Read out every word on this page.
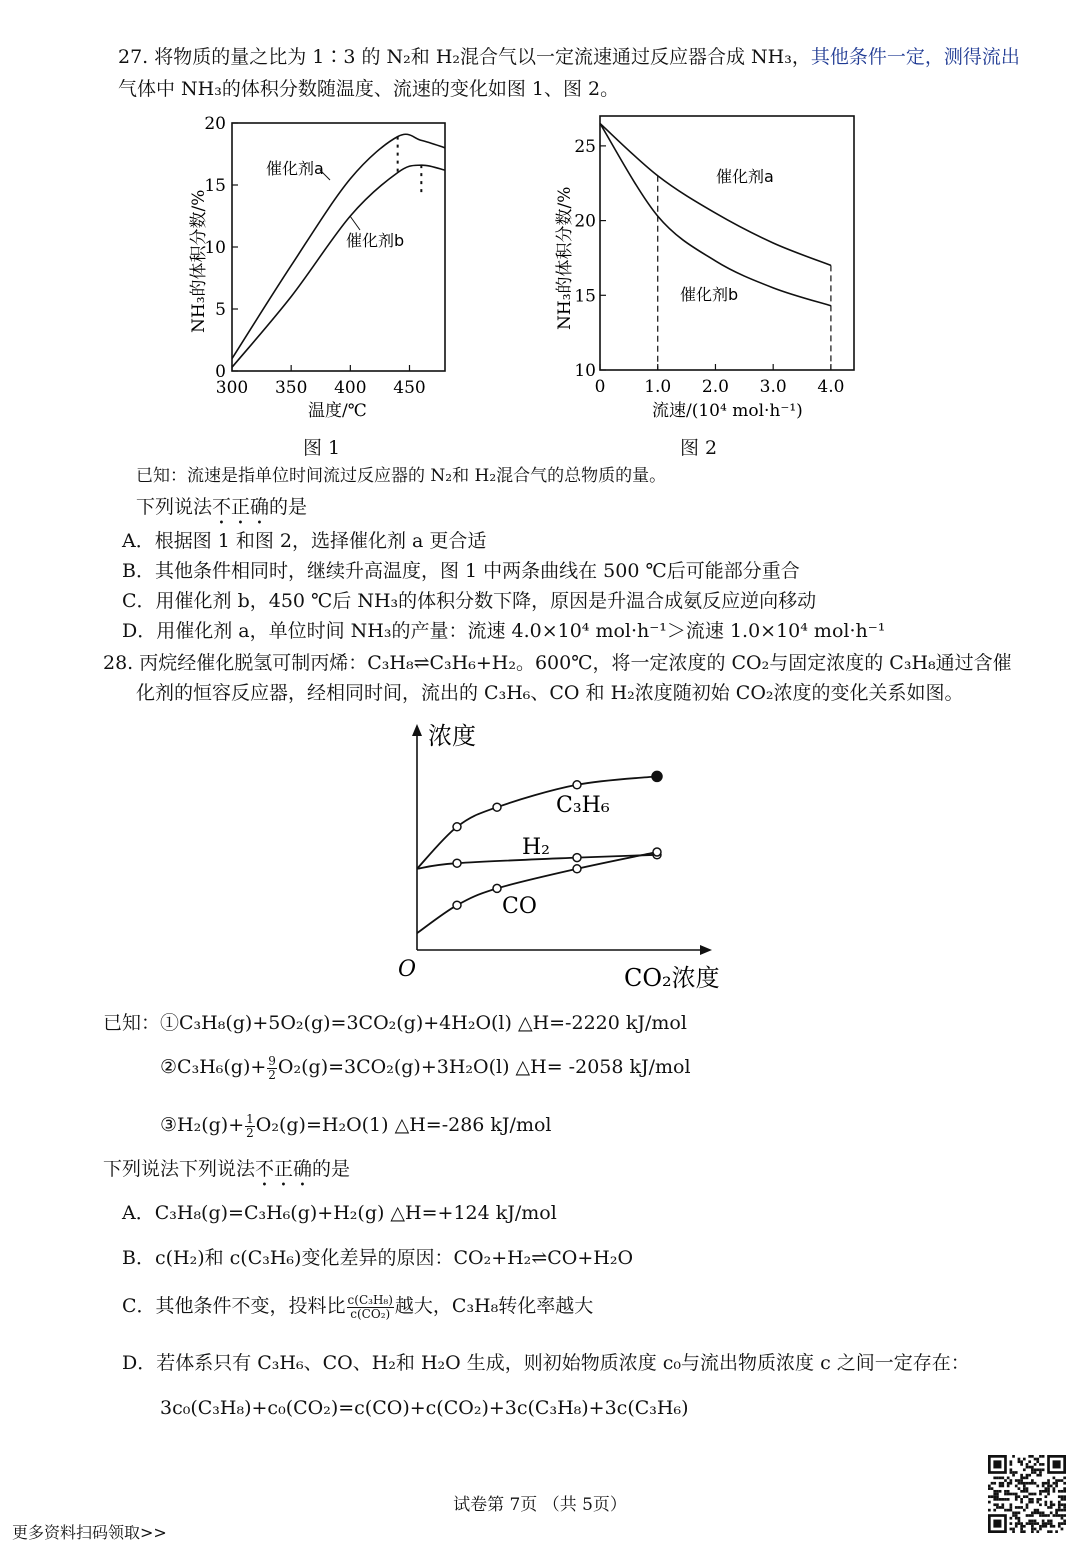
27. 将物质的量之比为 1∶3 的 N₂和 H₂混合气以一定流速通过反应器合成 NH₃，其他条件一定，测得流出
气体中 NH₃的体积分数随温度、流速的变化如图 1、图 2。
0
5
10
15
20
300 350 400 450
催化剂a
催化剂b
NH₃的体积分数/%
温度/℃
图 1
10
15
20
25
0 1.0 2.0 3.0 4.0
催化剂a
催化剂b
NH₃的体积分数/%
流速/(10⁴ mol·h⁻¹)
图 2
已知：流速是指单位时间流过反应器的 N₂和 H₂混合气的总物质的量。
下列说法不正确的是
A．根据图 1 和图 2，选择催化剂 a 更合适
B．其他条件相同时，继续升高温度，图 1 中两条曲线在 500 ℃后可能部分重合
C．用催化剂 b，450 ℃后 NH₃的体积分数下降，原因是升温合成氨反应逆向移动
D．用催化剂 a，单位时间 NH₃的产量：流速 4.0×10⁴ mol·h⁻¹＞流速 1.0×10⁴ mol·h⁻¹
28. 丙烷经催化脱氢可制丙烯：C₃H₈⇌C₃H₆+H₂。600℃，将一定浓度的 CO₂与固定浓度的 C₃H₈通过含催
化剂的恒容反应器，经相同时间，流出的 C₃H₆、CO 和 H₂浓度随初始 CO₂浓度的变化关系如图。
浓度
O	CO₂浓度
C₃H₆
H₂
CO
已知：①C₃H₈(g)+5O₂(g)=3CO₂(g)+4H₂O(l) △H=-2220 kJ/mol
②C₃H₆(g)+ $\frac{9}{2} O_2(g)=3CO_2(g)+3H_2O(l)$ △H= -2058 kJ/mol
③H₂(g)+ $\frac{1}{2} O_2(g)=H_2O(1)$ △H=-286 kJ/mol
下列说法下列说法不正确的是
A．C₃H₈(g)=C₃H₆(g)+H₂(g) △H=+124 kJ/mol
B．c(H₂)和 c(C₃H₆)变化差异的原因：CO₂+H₂⇌CO+H₂O
C．其他条件不变，投料比 $\frac{\text{c(C₃H₈)}}{\text{c(CO₂)}}$ 越大，C₃H₈转化率越大
D．若体系只有 C₃H₆、CO、H₂和 H₂O 生成，则初始物质浓度 c₀与流出物质浓度 c 之间一定存在：
3c₀(C₃H₈)+c₀(CO₂)=c(CO)+c(CO₂)+3c(C₃H₈)+3c(C₃H₆)
试卷第 7页 （共 5页）
更多资料扫码领取>>
